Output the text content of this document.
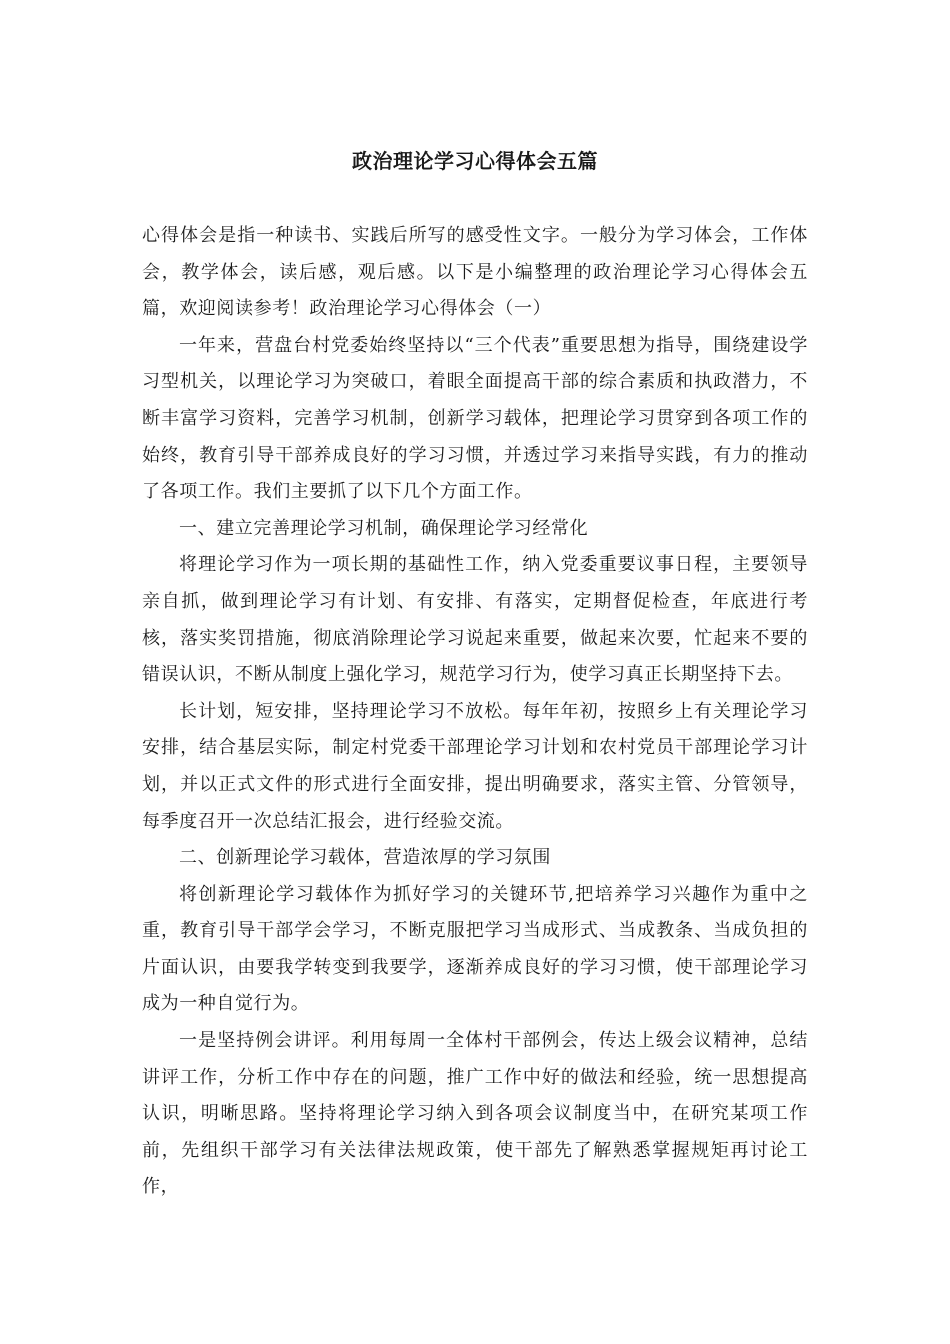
政治理论学习心得体会五篇

心得体会是指一种读书、实践后所写的感受性文字。一般分为学习体会，工作体会，教学体会，读后感，观后感。以下是小编整理的政治理论学习心得体会五篇，欢迎阅读参考！政治理论学习心得体会（一）

一年来，营盘台村党委始终坚持以“三个代表”重要思想为指导，围绕建设学习型机关，以理论学习为突破口，着眼全面提高干部的综合素质和执政潜力，不断丰富学习资料，完善学习机制，创新学习载体，把理论学习贯穿到各项工作的始终，教育引导干部养成良好的学习习惯，并透过学习来指导实践，有力的推动了各项工作。我们主要抓了以下几个方面工作。

一、建立完善理论学习机制，确保理论学习经常化

将理论学习作为一项长期的基础性工作，纳入党委重要议事日程，主要领导亲自抓，做到理论学习有计划、有安排、有落实，定期督促检查，年底进行考核，落实奖罚措施，彻底消除理论学习说起来重要，做起来次要，忙起来不要的错误认识，不断从制度上强化学习，规范学习行为，使学习真正长期坚持下去。

长计划，短安排，坚持理论学习不放松。每年年初，按照乡上有关理论学习安排，结合基层实际，制定村党委干部理论学习计划和农村党员干部理论学习计划，并以正式文件的形式进行全面安排，提出明确要求，落实主管、分管领导，每季度召开一次总结汇报会，进行经验交流。

二、创新理论学习载体，营造浓厚的学习氛围

将创新理论学习载体作为抓好学习的关键环节,把培养学习兴趣作为重中之重，教育引导干部学会学习，不断克服把学习当成形式、当成教条、当成负担的片面认识，由要我学转变到我要学，逐渐养成良好的学习习惯，使干部理论学习成为一种自觉行为。

一是坚持例会讲评。利用每周一全体村干部例会，传达上级会议精神，总结讲评工作，分析工作中存在的问题，推广工作中好的做法和经验，统一思想提高认识，明晰思路。坚持将理论学习纳入到各项会议制度当中，在研究某项工作前，先组织干部学习有关法律法规政策，使干部先了解熟悉掌握规矩再讨论工作，
